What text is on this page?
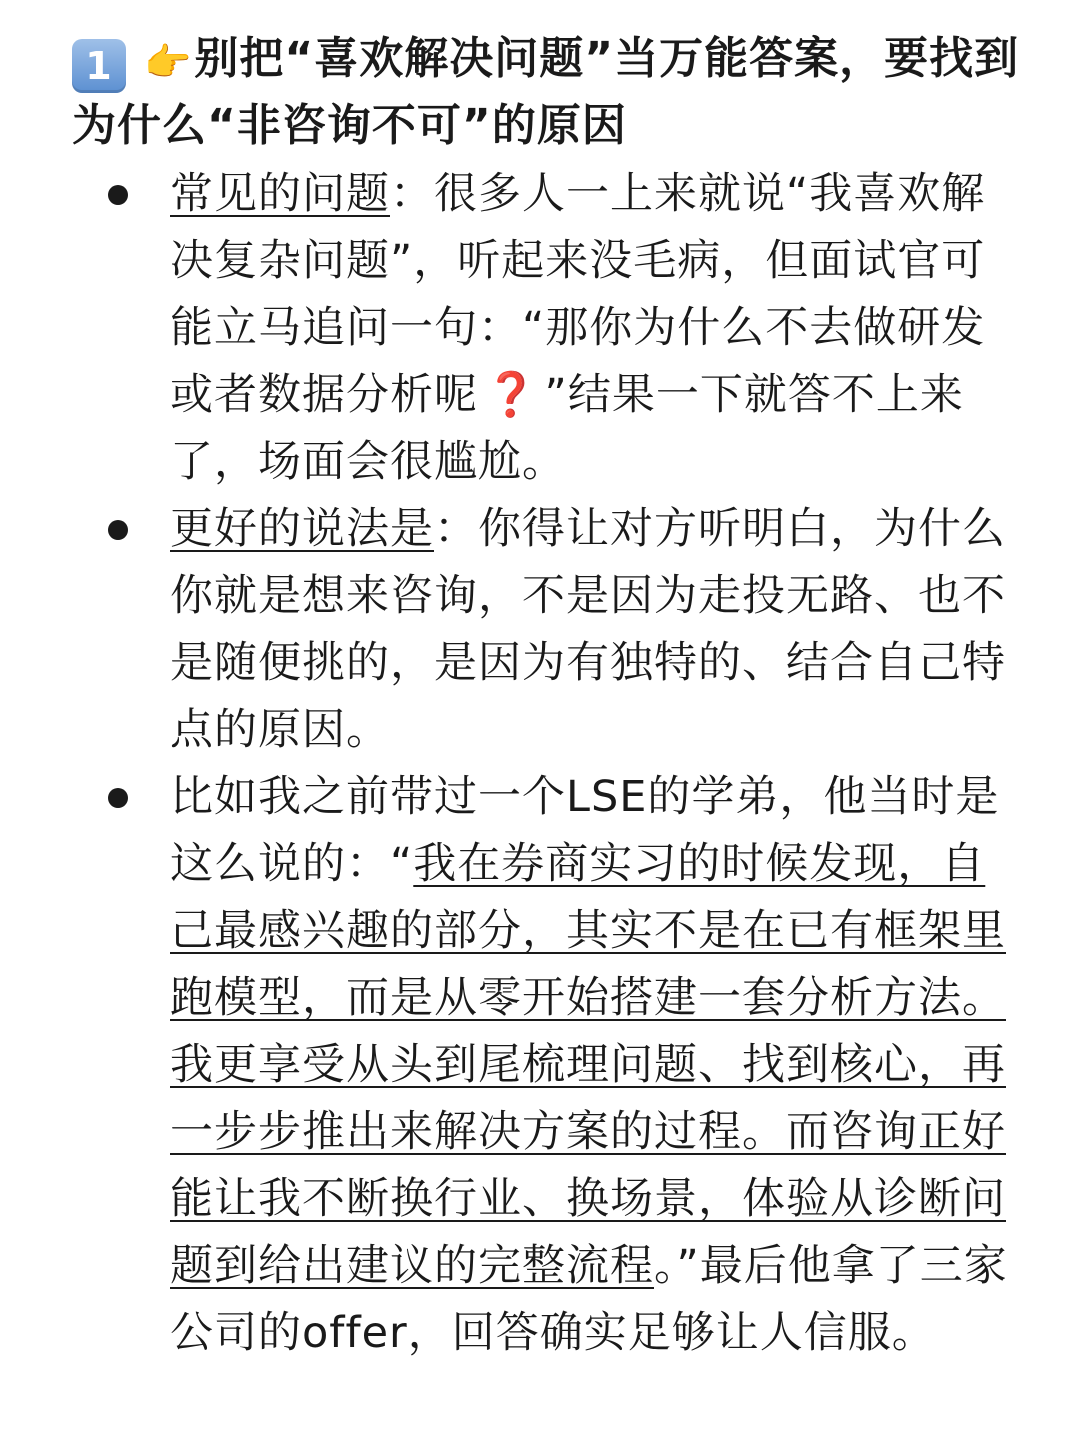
1 👉别把“喜欢解决问题”当万能答案，要找到为什么“非咨询不可”的原因
常见的问题：很多人一上来就说“我喜欢解决复杂问题”，听起来没毛病，但面试官可能立马追问一句：“那你为什么不去做研发或者数据分析呢 ❓ ”结果一下就答不上来了，场面会很尴尬。
更好的说法是：你得让对方听明白，为什么你就是想来咨询，不是因为走投无路、也不是随便挑的，是因为有独特的、结合自己特点的原因。
比如我之前带过一个LSE的学弟，他当时是这么说的：“我在券商实习的时候发现，自己最感兴趣的部分，其实不是在已有框架里跑模型，而是从零开始搭建一套分析方法。我更享受从头到尾梳理问题、找到核心，再一步步推出来解决方案的过程。而咨询正好能让我不断换行业、换场景，体验从诊断问题到给出建议的完整流程。”最后他拿了三家公司的offer，回答确实足够让人信服。
